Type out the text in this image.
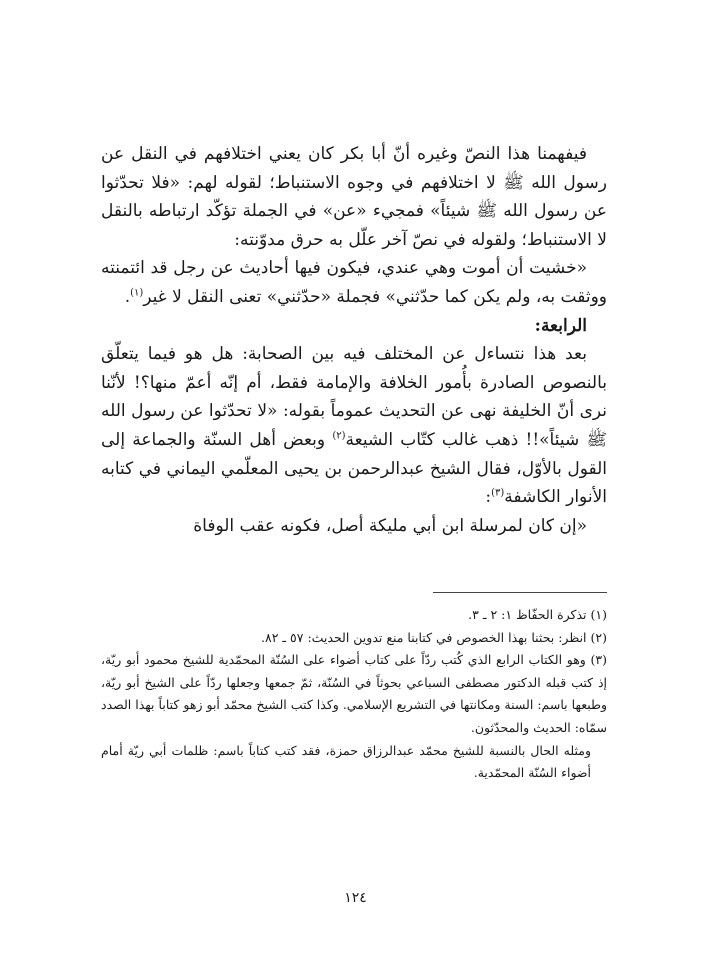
فيفهمنا هذا النصّ وغيره أنّ أبا بكر كان يعني اختلافهم في النقل عن رسول الله ﷺ لا اختلافهم في وجوه الاستنباط؛ لقوله لهم: «فلا تحدّثوا عن رسول الله ﷺ شيئاً» فمجيء «عن» في الجملة تؤكّد ارتباطه بالنقل لا الاستنباط؛ ولقوله في نصّ آخر علّل به حرق مدوّنته:

«خشيت أن أموت وهي عندي، فيكون فيها أحاديث عن رجل قد ائتمنته ووثقت به، ولم يكن كما حدّثني» فجملة «حدّثني» تعنى النقل لا غير$^{(١)}$.

الرابعة:

بعد هذا نتساءل عن المختلف فيه بين الصحابة: هل هو فيما يتعلّق بالنصوص الصادرة بأُمور الخلافة والإمامة فقط، أم إنّه أعمّ منها؟! لأنّنا نرى أنّ الخليفة نهى عن التحديث عموماً بقوله: «لا تحدّثوا عن رسول الله ﷺ شيئاً»!! ذهب غالب كتّاب الشيعة$^{(٢)}$ وبعض أهل السنّة والجماعة إلى القول بالأوّل، فقال الشيخ عبدالرحمن بن يحيى المعلّمي اليماني في كتابه الأنوار الكاشفة$^{(٣)}$:

«إن كان لمرسلة ابن أبي مليكة أصل، فكونه عقب الوفاة

(١) تذكرة الحفّاظ ١: ٢ ـ ٣.

(٢) انظر: بحثنا بهذا الخصوص في كتابنا منع تدوين الحديث: ٥٧ ـ ٨٢.

(٣) وهو الكتاب الرابع الذي كُتب ردّاً على كتاب أضواء على السُنّة المحمّدية للشيخ محمود أبو ريّة، إذ كتب قبله الدكتور مصطفى السباعي بحوثاً في السُنّة، ثمّ جمعها وجعلها ردّاً على الشيخ أبو ريّة، وطبعها باسم: السنة ومكانتها في التشريع الإسلامي. وكذا كتب الشيخ محمّد أبو زهو كتاباً بهذا الصدد سمّاه: الحديث والمحدّثون.

ومثله الحال بالنسبة للشيخ محمّد عبدالرزاق حمزة، فقد كتب كتاباً باسم: ظلمات أبي ريّة أمام أضواء السُنّة المحمّدية.

١٢٤
